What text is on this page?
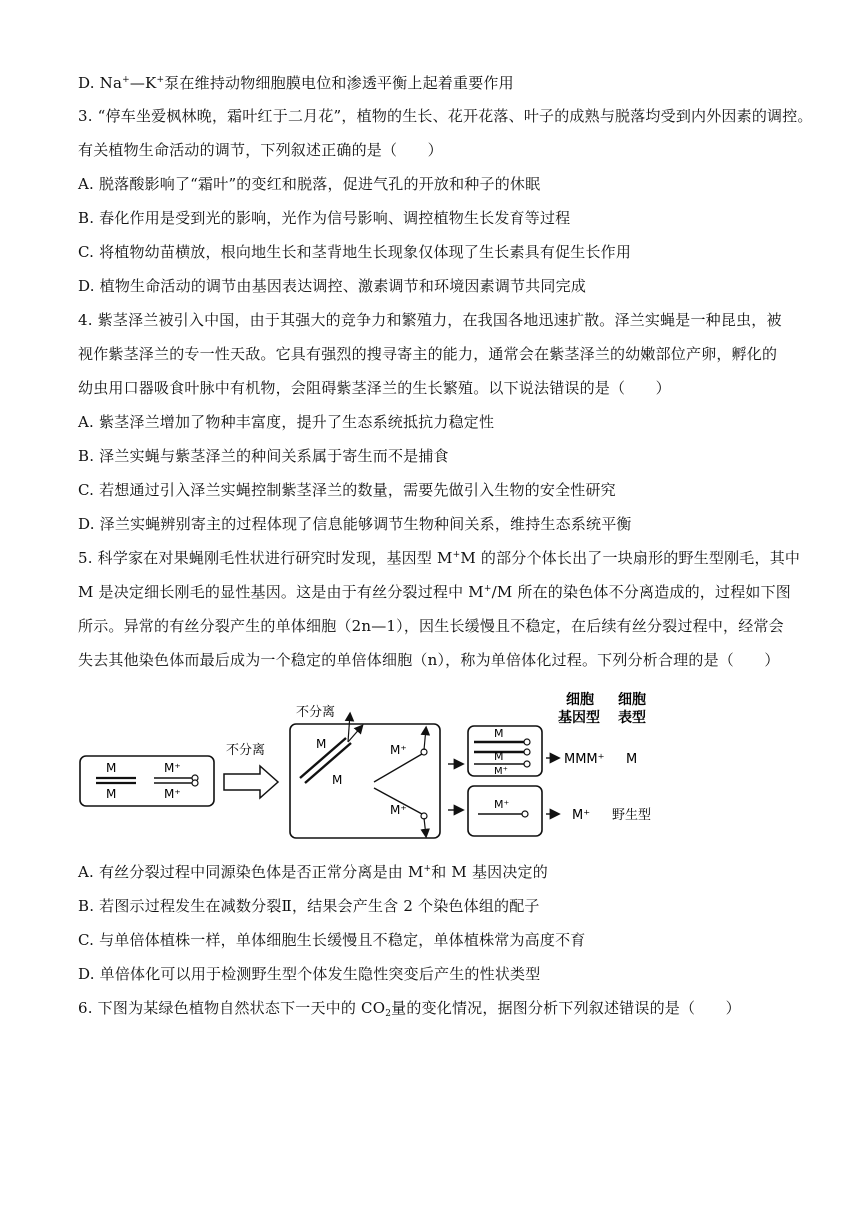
D. Na+—K+泵在维持动物细胞膜电位和渗透平衡上起着重要作用
3. “停车坐爱枫林晚，霜叶红于二月花”，植物的生长、花开花落、叶子的成熟与脱落均受到内外因素的调控。
有关植物生命活动的调节，下列叙述正确的是（　　）
A. 脱落酸影响了“霜叶”的变红和脱落，促进气孔的开放和种子的休眠
B. 春化作用是受到光的影响，光作为信号影响、调控植物生长发育等过程
C. 将植物幼苗横放，根向地生长和茎背地生长现象仅体现了生长素具有促生长作用
D. 植物生命活动的调节由基因表达调控、激素调节和环境因素调节共同完成
4. 紫茎泽兰被引入中国，由于其强大的竞争力和繁殖力，在我国各地迅速扩散。泽兰实蝇是一种昆虫，被
视作紫茎泽兰的专一性天敌。它具有强烈的搜寻寄主的能力，通常会在紫茎泽兰的幼嫩部位产卵，孵化的
幼虫用口器吸食叶脉中有机物，会阻碍紫茎泽兰的生长繁殖。以下说法错误的是（　　）
A. 紫茎泽兰增加了物种丰富度，提升了生态系统抵抗力稳定性
B. 泽兰实蝇与紫茎泽兰的种间关系属于寄生而不是捕食
C. 若想通过引入泽兰实蝇控制紫茎泽兰的数量，需要先做引入生物的安全性研究
D. 泽兰实蝇辨别寄主的过程体现了信息能够调节生物种间关系，维持生态系统平衡
5. 科学家在对果蝇刚毛性状进行研究时发现，基因型 M+M 的部分个体长出了一块扇形的野生型刚毛，其中
M 是决定细长刚毛的显性基因。这是由于有丝分裂过程中 M+/M 所在的染色体不分离造成的，过程如下图
所示。异常的有丝分裂产生的单体细胞（2n—1），因生长缓慢且不稳定，在后续有丝分裂过程中，经常会
失去其他染色体而最后成为一个稳定的单倍体细胞（n），称为单倍体化过程。下列分析合理的是（　　）
M
M
M⁺
M⁺
不分离
不分离
M
M
M⁺
M⁺
M
M
M⁺
M⁺
细胞
基因型
细胞
表型
MMM⁺ M
M⁺ 野生型
A. 有丝分裂过程中同源染色体是否正常分离是由 M+和 M 基因决定的
B. 若图示过程发生在减数分裂Ⅱ，结果会产生含 2 个染色体组的配子
C. 与单倍体植株一样，单体细胞生长缓慢且不稳定，单体植株常为高度不育
D. 单倍体化可以用于检测野生型个体发生隐性突变后产生的性状类型
6. 下图为某绿色植物自然状态下一天中的 $CO_2$量的变化情况，据图分析下列叙述错误的是（　　）
